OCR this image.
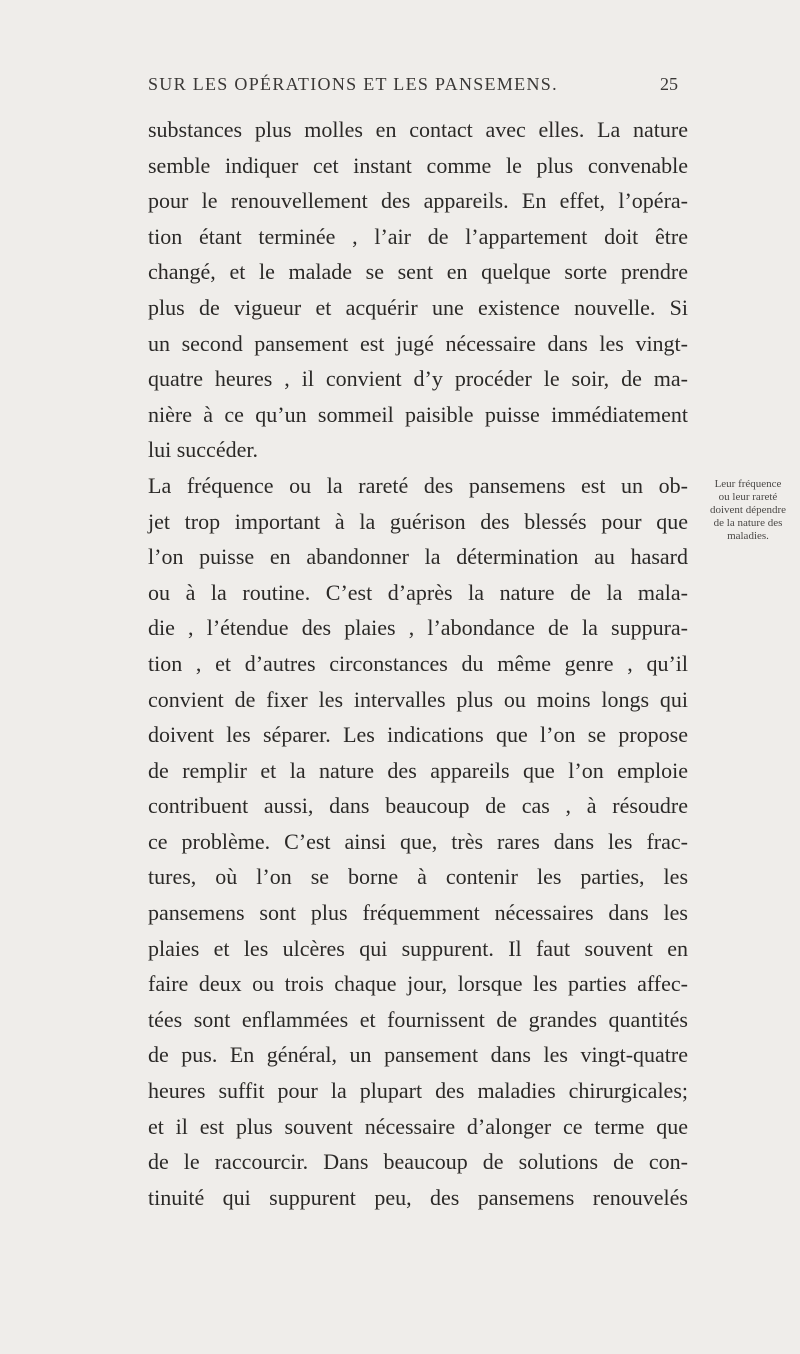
SUR LES OPÉRATIONS ET LES PANSEMENS.	25
substances plus molles en contact avec elles. La nature
semble indiquer cet instant comme le plus convenable
pour le renouvellement des appareils. En effet, l’opéra-
tion étant terminée , l’air de l’appartement doit être
changé, et le malade se sent en quelque sorte prendre
plus de vigueur et acquérir une existence nouvelle. Si
un second pansement est jugé nécessaire dans les vingt-
quatre heures , il convient d’y procéder le soir, de ma-
nière à ce qu’un sommeil paisible puisse immédiatement
lui succéder.
La fréquence ou la rareté des pansemens est un ob-
jet trop important à la guérison des blessés pour que
l’on puisse en abandonner la détermination au hasard
ou à la routine. C’est d’après la nature de la mala-
die , l’étendue des plaies , l’abondance de la suppura-
tion , et d’autres circonstances du même genre , qu’il
convient de fixer les intervalles plus ou moins longs qui
doivent les séparer. Les indications que l’on se propose
de remplir et la nature des appareils que l’on emploie
contribuent aussi, dans beaucoup de cas , à résoudre
ce problème. C’est ainsi que, très rares dans les frac-
tures, où l’on se borne à contenir les parties, les
pansemens sont plus fréquemment nécessaires dans les
plaies et les ulcères qui suppurent. Il faut souvent en
faire deux ou trois chaque jour, lorsque les parties affec-
tées sont enflammées et fournissent de grandes quantités
de pus. En général, un pansement dans les vingt-quatre
heures suffit pour la plupart des maladies chirurgicales;
et il est plus souvent nécessaire d’alonger ce terme que
de le raccourcir. Dans beaucoup de solutions de con-
tinuité qui suppurent peu, des pansemens renouvelés
Leur fréquence
ou leur rareté
doivent dépendre
de la nature des
maladies.
